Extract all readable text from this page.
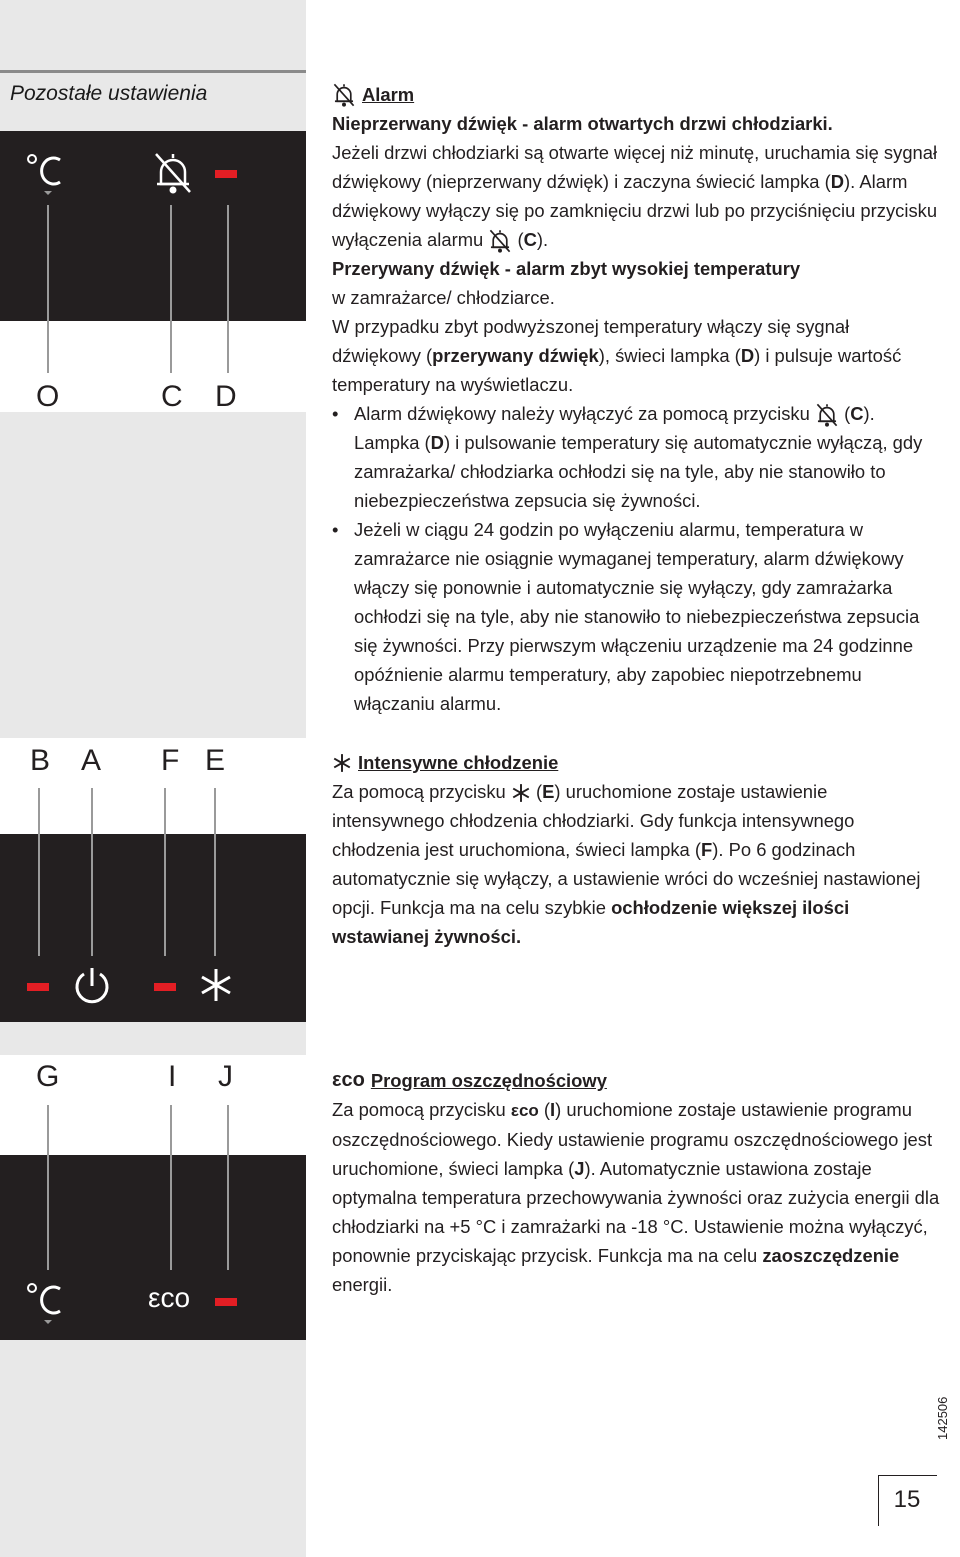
Pozostałe ustawienia
O	C D
B A F E
G	I J
εco
Alarm

Nieprzerwany dźwięk - alarm otwartych drzwi chłodziarki.

Jeżeli drzwi chłodziarki są otwarte więcej niż minutę, uruchamia się sygnał dźwiękowy (nieprzerwany dźwięk) i zaczyna świecić lampka (D). Alarm dźwiękowy wyłączy się po zamknięciu drzwi lub po przyciśnięciu przycisku wyłączenia alarmu  (C).

Przerywany dźwięk - alarm zbyt wysokiej temperatury

w zamrażarce/ chłodziarce.

W przypadku zbyt podwyższonej temperatury włączy się sygnał dźwiękowy (przerywany dźwięk), świeci lampka (D) i pulsuje wartość temperatury na wyświetlaczu.

• Alarm dźwiękowy należy wyłączyć za pomocą przycisku  (C). Lampka (D) i pulsowanie temperatury się automatycznie wyłączą, gdy zamrażarka/ chłodziarka ochłodzi się na tyle, aby nie stanowiło to niebezpieczeństwa zepsucia się żywności.

• Jeżeli w ciągu 24 godzin po wyłączeniu alarmu, temperatura w zamrażarce nie osiągnie wymaganej temperatury, alarm dźwiękowy włączy się ponownie i automatycznie się wyłączy, gdy zamrażarka ochłodzi się na tyle, aby nie stanowiło to niebezpieczeństwa zepsucia się żywności. Przy pierwszym włączeniu urządzenie ma 24 godzinne opóźnienie alarmu temperatury, aby zapobiec niepotrzebnemu włączaniu alarmu.

Intensywne chłodzenie

Za pomocą przycisku  (E) uruchomione zostaje ustawienie intensywnego chłodzenia chłodziarki. Gdy funkcja intensywnego chłodzenia jest uruchomiona, świeci lampka (F). Po 6 godzinach automatycznie się wyłączy, a ustawienie wróci do wcześniej nastawionej opcji. Funkcja ma na celu szybkie ochłodzenie większej ilości wstawianej żywności.

εco Program oszczędnościowy

Za pomocą przycisku εco (I) uruchomione zostaje ustawienie programu oszczędnościowego. Kiedy ustawienie programu oszczędnościowego jest uruchomione, świeci lampka (J). Automatycznie ustawiona zostaje optymalna temperatura przechowywania żywności oraz zużycia energii dla chłodziarki na +5 °C i zamrażarki na -18 °C. Ustawienie można wyłączyć, ponownie przyciskając przycisk. Funkcja ma na celu zaoszczędzenie energii.

15
142506
